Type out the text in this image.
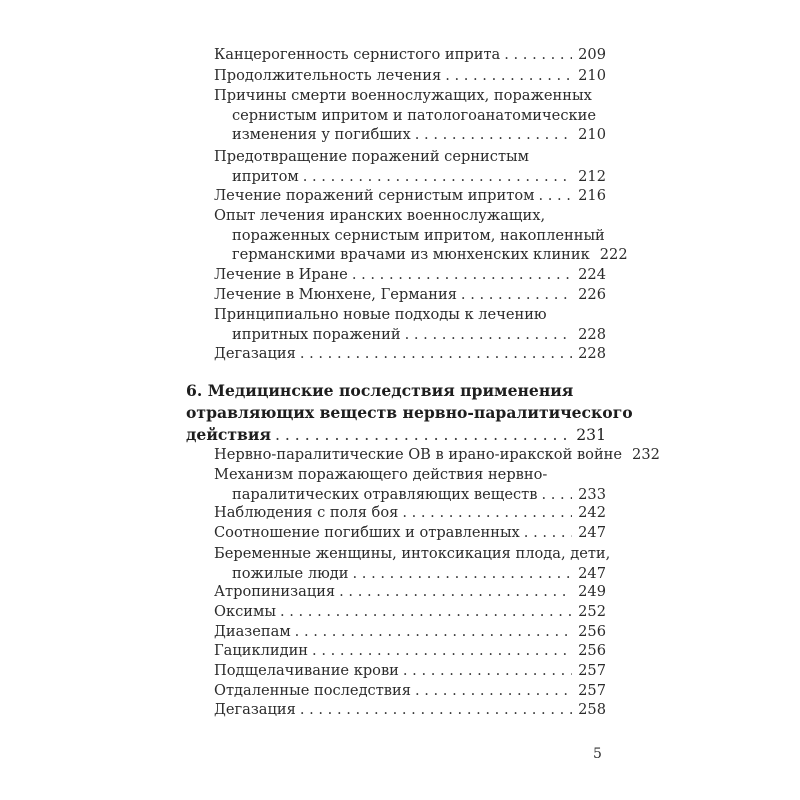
Канцерогенность сернистого иприта . . .	209
Продолжительность лечения . . .	210
Причины смерти военнослужащих, пораженных
сернистым ипритом и патологоанатомические
изменения у погибших . . .	210
Предотвращение поражений сернистым
ипритом . . .	212
Лечение поражений сернистым ипритом . . .	216
Опыт лечения иранских военнослужащих,
пораженных сернистым ипритом, накопленный
германскими врачами из мюнхенских клиник 222
Лечение в Иране . . .	224
Лечение в Мюнхене, Германия . . .	226
Принципиально новые подходы к лечению
ипритных поражений . . .	228
Дегазация . . .	228
6. Медицинские последствия применения
отравляющих веществ нервно-паралитического
действия . . .	231
Нервно-паралитические ОВ в ирано-иракской войне 232
Механизм поражающего действия нервно-
паралитических отравляющих веществ . . .	233
Наблюдения с поля боя . . .	242
Соотношение погибших и отравленных . . .	247
Беременные женщины, интоксикация плода, дети,
пожилые люди . . .	247
Атропинизация . . .	249
Оксимы . . .	252
Диазепам . . .	256
Гациклидин . . .	256
Подщелачивание крови . . .	257
Отдаленные последствия . . .	257
Дегазация . . .	258
5
